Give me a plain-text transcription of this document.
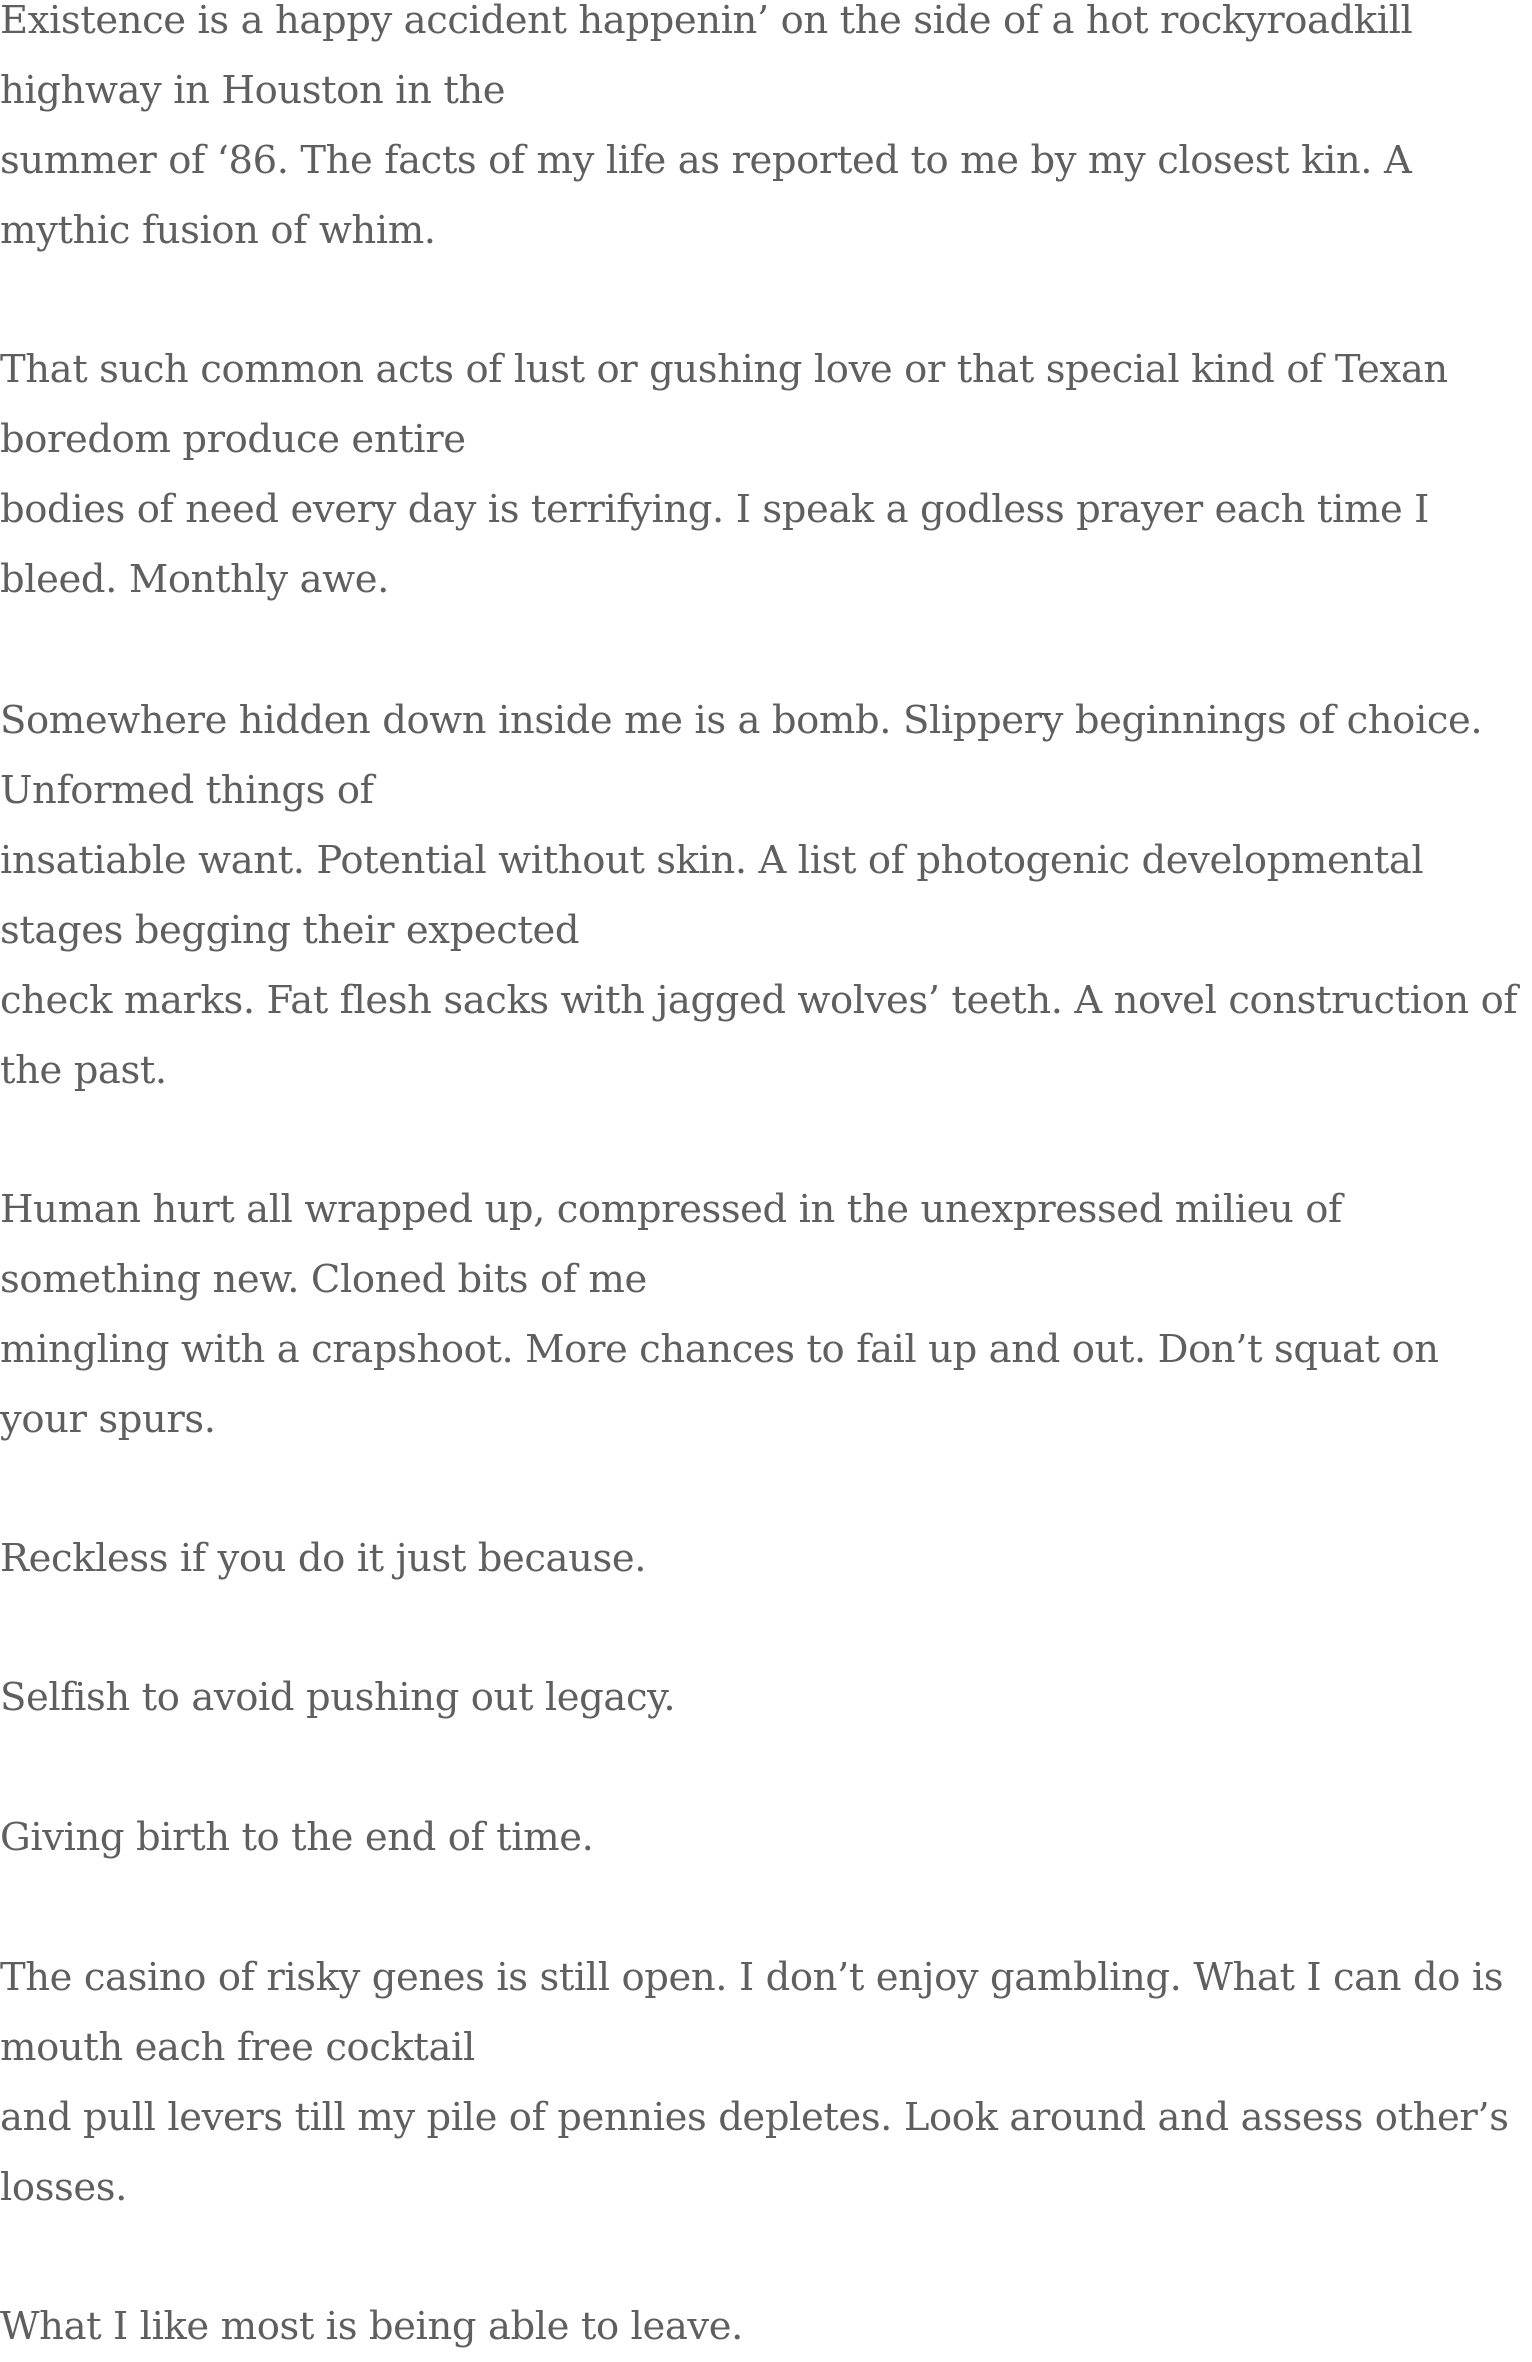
Existence is a happy accident happenin’ on the side of a hot rockyroadkill
highway in Houston in the
summer of ‘86. The facts of my life as reported to me by my closest kin. A
mythic fusion of whim.

That such common acts of lust or gushing love or that special kind of Texan
boredom produce entire
bodies of need every day is terrifying. I speak a godless prayer each time I
bleed. Monthly awe.

Somewhere hidden down inside me is a bomb. Slippery beginnings of choice.
Unformed things of
insatiable want. Potential without skin. A list of photogenic developmental
stages begging their expected
check marks. Fat flesh sacks with jagged wolves’ teeth. A novel construction of
the past.

Human hurt all wrapped up, compressed in the unexpressed milieu of
something new. Cloned bits of me
mingling with a crapshoot. More chances to fail up and out. Don’t squat on
your spurs.

Reckless if you do it just because.

Selfish to avoid pushing out legacy.

Giving birth to the end of time.

The casino of risky genes is still open. I don’t enjoy gambling. What I can do is
mouth each free cocktail
and pull levers till my pile of pennies depletes. Look around and assess other’s
losses.

What I like most is being able to leave.
